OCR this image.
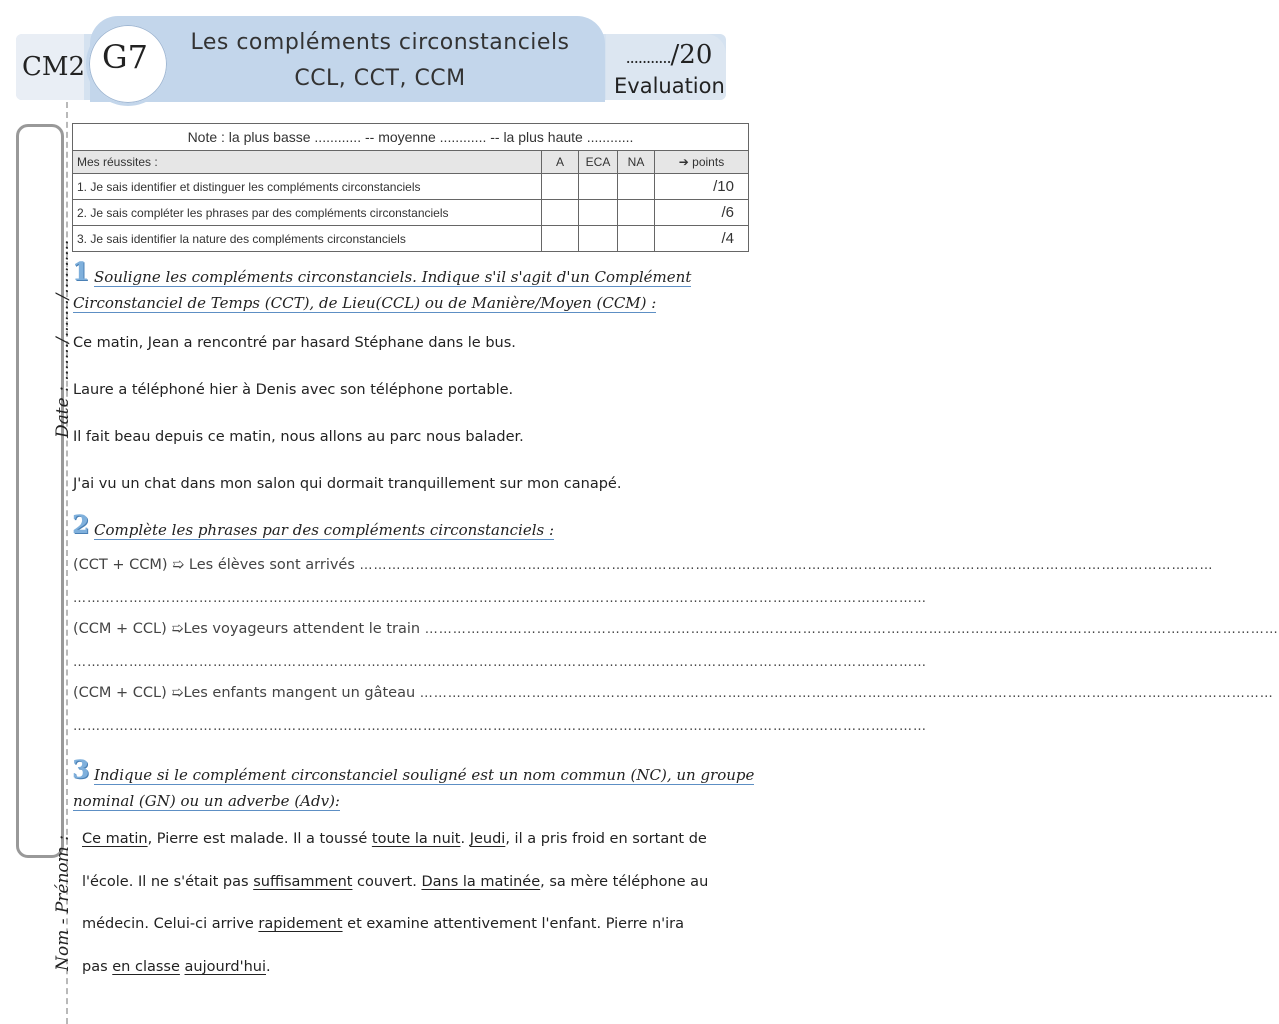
CM2 G7	Les compléments circonstanciels
CCL, CCT, CCM
.........../20
Evaluation
Date : ......./......./..........
Nom - Prénom :
Note : la plus basse ............ -- moyenne ............ -- la plus haute ............				
Mes réussites :	A	ECA	NA	➔ points
1. Je sais identifier et distinguer les compléments circonstanciels				/10
2. Je sais compléter les phrases par des compléments circonstanciels				/6
3. Je sais identifier la nature des compléments circonstanciels				/4
1 Souligne les compléments circonstanciels. Indique s'il s'agit d'un Complément
Circonstanciel de Temps (CCT), de Lieu(CCL) ou de Manière/Moyen (CCM) :
Ce matin, Jean a rencontré par hasard Stéphane dans le bus.
Laure a téléphoné hier à Denis avec son téléphone portable.
Il fait beau depuis ce matin, nous allons au parc nous balader.
J'ai vu un chat dans mon salon qui dormait tranquillement sur mon canapé.
2 Complète les phrases par des compléments circonstanciels :
(CCT + CCM) ➯ Les élèves sont arrivés …………………………………………………………………………………………………………………………………………………………………
…………………………………………………………………………………………………………………………………………………………………
(CCM + CCL) ➯Les voyageurs attendent le train …………………………………………………………………………………………………………………………………………………………………
…………………………………………………………………………………………………………………………………………………………………
(CCM + CCL) ➯Les enfants mangent un gâteau …………………………………………………………………………………………………………………………………………………………………
…………………………………………………………………………………………………………………………………………………………………
3 Indique si le complément circonstanciel souligné est un nom commun (NC), un groupe
nominal (GN) ou un adverbe (Adv):
Ce matin, Pierre est malade. Il a toussé toute la nuit. Jeudi, il a pris froid en sortant de
l'école. Il ne s'était pas suffisamment couvert. Dans la matinée, sa mère téléphone au
médecin. Celui-ci arrive rapidement et examine attentivement l'enfant. Pierre n'ira
pas en classe aujourd'hui.
